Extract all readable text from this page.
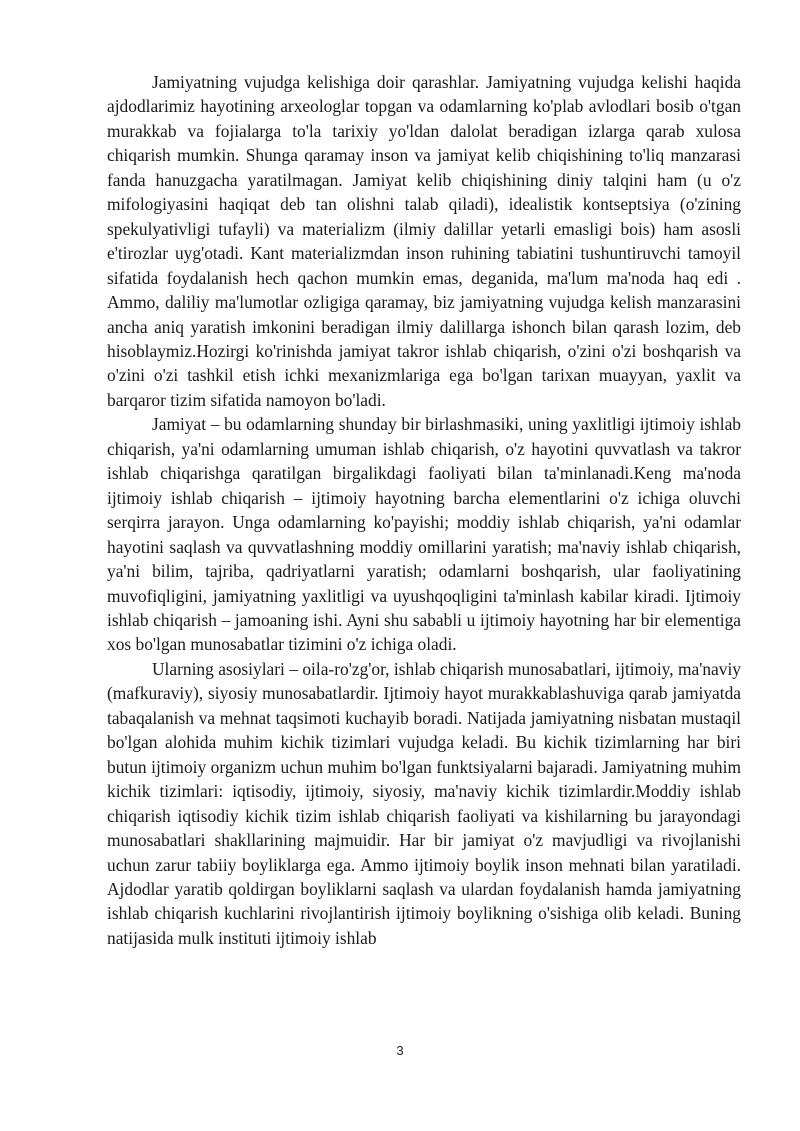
Jamiyatning vujudga kelishiga doir qarashlar. Jamiyatning vujudga kelishi haqida ajdodlarimiz hayotining arxeologlar topgan va odamlarning ko'plab avlodlari bosib o'tgan murakkab va fojialarga to'la tarixiy yo'ldan dalolat beradigan izlarga qarab xulosa chiqarish mumkin. Shunga qaramay inson va jamiyat kelib chiqishining to'liq manzarasi fanda hanuzgacha yaratilmagan. Jamiyat kelib chiqishining diniy talqini ham (u o'z mifologiyasini haqiqat deb tan olishni talab qiladi), idealistik kontseptsiya (o'zining spekulyativligi tufayli) va materializm (ilmiy dalillar yetarli emasligi bois) ham asosli e'tirozlar uyg'otadi. Kant materializmdan inson ruhining tabiatini tushuntiruvchi tamoyil sifatida foydalanish hech qachon mumkin emas, deganida, ma'lum ma'noda haq edi . Ammo, daliliy ma'lumotlar ozligiga qaramay, biz jamiyatning vujudga kelish manzarasini ancha aniq yaratish imkonini beradigan ilmiy dalillarga ishonch bilan qarash lozim, deb hisoblaymiz.Hozirgi ko'rinishda jamiyat takror ishlab chiqarish, o'zini o'zi boshqarish va o'zini o'zi tashkil etish ichki mexanizmlariga ega bo'lgan tarixan muayyan, yaxlit va barqaror tizim sifatida namoyon bo'ladi.

Jamiyat – bu odamlarning shunday bir birlashmasiki, uning yaxlitligi ijtimoiy ishlab chiqarish, ya'ni odamlarning umuman ishlab chiqarish, o'z hayotini quvvatlash va takror ishlab chiqarishga qaratilgan birgalikdagi faoliyati bilan ta'minlanadi.Keng ma'noda ijtimoiy ishlab chiqarish – ijtimoiy hayotning barcha elementlarini o'z ichiga oluvchi serqirra jarayon. Unga odamlarning ko'payishi; moddiy ishlab chiqarish, ya'ni odamlar hayotini saqlash va quvvatlashning moddiy omillarini yaratish; ma'naviy ishlab chiqarish, ya'ni bilim, tajriba, qadriyatlarni yaratish; odamlarni boshqarish, ular faoliyatining muvofiqligini, jamiyatning yaxlitligi va uyushqoqligini ta'minlash kabilar kiradi. Ijtimoiy ishlab chiqarish – jamoaning ishi. Ayni shu sababli u ijtimoiy hayotning har bir elementiga xos bo'lgan munosabatlar tizimini o'z ichiga oladi.

Ularning asosiylari – oila-ro'zg'or, ishlab chiqarish munosabatlari, ijtimoiy, ma'naviy (mafkuraviy), siyosiy munosabatlardir. Ijtimoiy hayot murakkablashuviga qarab jamiyatda tabaqalanish va mehnat taqsimoti kuchayib boradi. Natijada jamiyatning nisbatan mustaqil bo'lgan alohida muhim kichik tizimlari vujudga keladi. Bu kichik tizimlarning har biri butun ijtimoiy organizm uchun muhim bo'lgan funktsiyalarni bajaradi. Jamiyatning muhim kichik tizimlari: iqtisodiy, ijtimoiy, siyosiy, ma'naviy kichik tizimlardir.Moddiy ishlab chiqarish iqtisodiy kichik tizim ishlab chiqarish faoliyati va kishilarning bu jarayondagi munosabatlari shakllarining majmuidir. Har bir jamiyat o'z mavjudligi va rivojlanishi uchun zarur tabiiy boyliklarga ega. Ammo ijtimoiy boylik inson mehnati bilan yaratiladi. Ajdodlar yaratib qoldirgan boyliklarni saqlash va ulardan foydalanish hamda jamiyatning ishlab chiqarish kuchlarini rivojlantirish ijtimoiy boylikning o'sishiga olib keladi. Buning natijasida mulk instituti ijtimoiy ishlab

3
